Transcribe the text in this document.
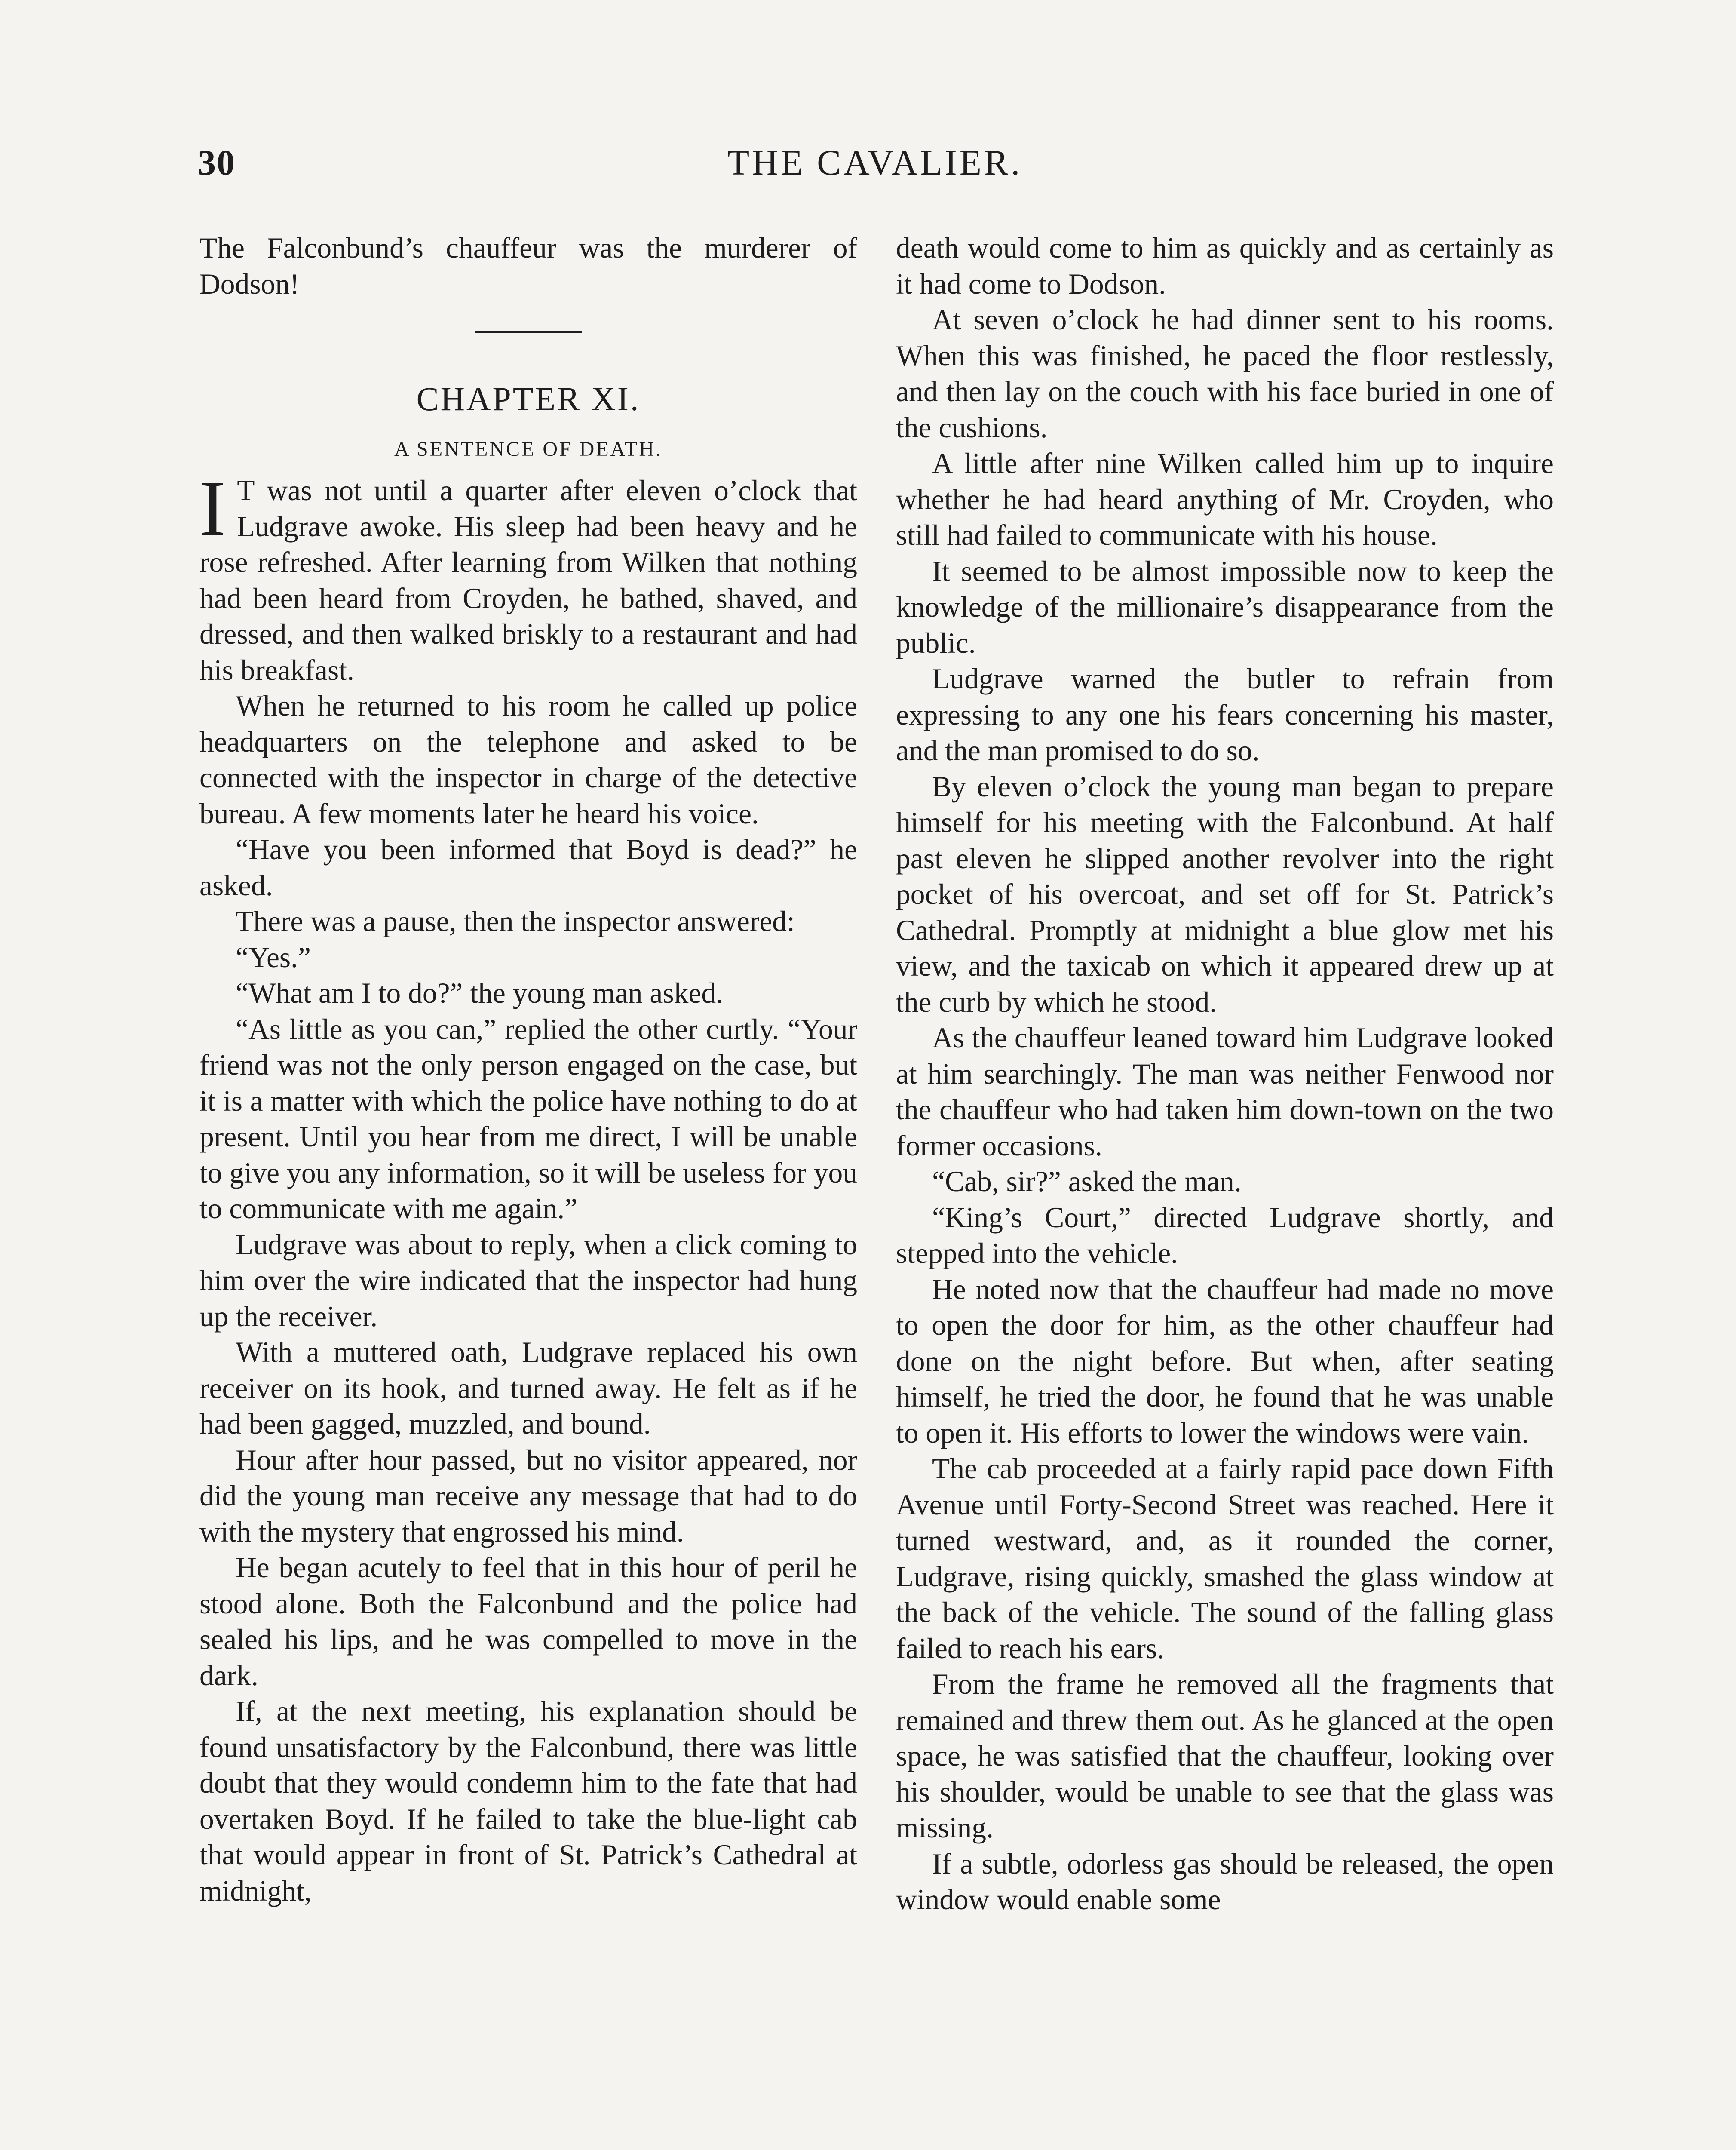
30	THE CAVALIER.

The Falconbund’s chauffeur was the murderer of Dodson!

CHAPTER XI.
A SENTENCE OF DEATH.

I T was not until a quarter after eleven o’clock that Ludgrave awoke. His sleep had been heavy and he rose refreshed. After learning from Wilken that nothing had been heard from Croyden, he bathed, shaved, and dressed, and then walked briskly to a restaurant and had his breakfast.

When he returned to his room he called up police headquarters on the telephone and asked to be connected with the inspector in charge of the detective bureau. A few moments later he heard his voice.

“Have you been informed that Boyd is dead?” he asked.

There was a pause, then the inspector answered:

“Yes.”

“What am I to do?” the young man asked.

“As little as you can,” replied the other curtly. “Your friend was not the only person engaged on the case, but it is a matter with which the police have nothing to do at present. Until you hear from me direct, I will be unable to give you any information, so it will be useless for you to communicate with me again.”

Ludgrave was about to reply, when a click coming to him over the wire indicated that the inspector had hung up the receiver.

With a muttered oath, Ludgrave replaced his own receiver on its hook, and turned away. He felt as if he had been gagged, muzzled, and bound.

Hour after hour passed, but no visitor appeared, nor did the young man receive any message that had to do with the mystery that engrossed his mind.

He began acutely to feel that in this hour of peril he stood alone. Both the Falconbund and the police had sealed his lips, and he was compelled to move in the dark.

If, at the next meeting, his explanation should be found unsatisfactory by the Falconbund, there was little doubt that they would condemn him to the fate that had overtaken Boyd. If he failed to take the blue-light cab that would appear in front of St. Patrick’s Cathedral at midnight,

death would come to him as quickly and as certainly as it had come to Dodson.

At seven o’clock he had dinner sent to his rooms. When this was finished, he paced the floor restlessly, and then lay on the couch with his face buried in one of the cushions.

A little after nine Wilken called him up to inquire whether he had heard anything of Mr. Croyden, who still had failed to communicate with his house.

It seemed to be almost impossible now to keep the knowledge of the millionaire’s disappearance from the public.

Ludgrave warned the butler to refrain from expressing to any one his fears concerning his master, and the man promised to do so.

By eleven o’clock the young man began to prepare himself for his meeting with the Falconbund. At half past eleven he slipped another revolver into the right pocket of his overcoat, and set off for St. Patrick’s Cathedral. Promptly at midnight a blue glow met his view, and the taxicab on which it appeared drew up at the curb by which he stood.

As the chauffeur leaned toward him Ludgrave looked at him searchingly. The man was neither Fenwood nor the chauffeur who had taken him down-town on the two former occasions.

“Cab, sir?” asked the man.

“King’s Court,” directed Ludgrave shortly, and stepped into the vehicle.

He noted now that the chauffeur had made no move to open the door for him, as the other chauffeur had done on the night before. But when, after seating himself, he tried the door, he found that he was unable to open it. His efforts to lower the windows were vain.

The cab proceeded at a fairly rapid pace down Fifth Avenue until Forty-Second Street was reached. Here it turned westward, and, as it rounded the corner, Ludgrave, rising quickly, smashed the glass window at the back of the vehicle. The sound of the falling glass failed to reach his ears.

From the frame he removed all the fragments that remained and threw them out. As he glanced at the open space, he was satisfied that the chauffeur, looking over his shoulder, would be unable to see that the glass was missing.

If a subtle, odorless gas should be released, the open window would enable some
